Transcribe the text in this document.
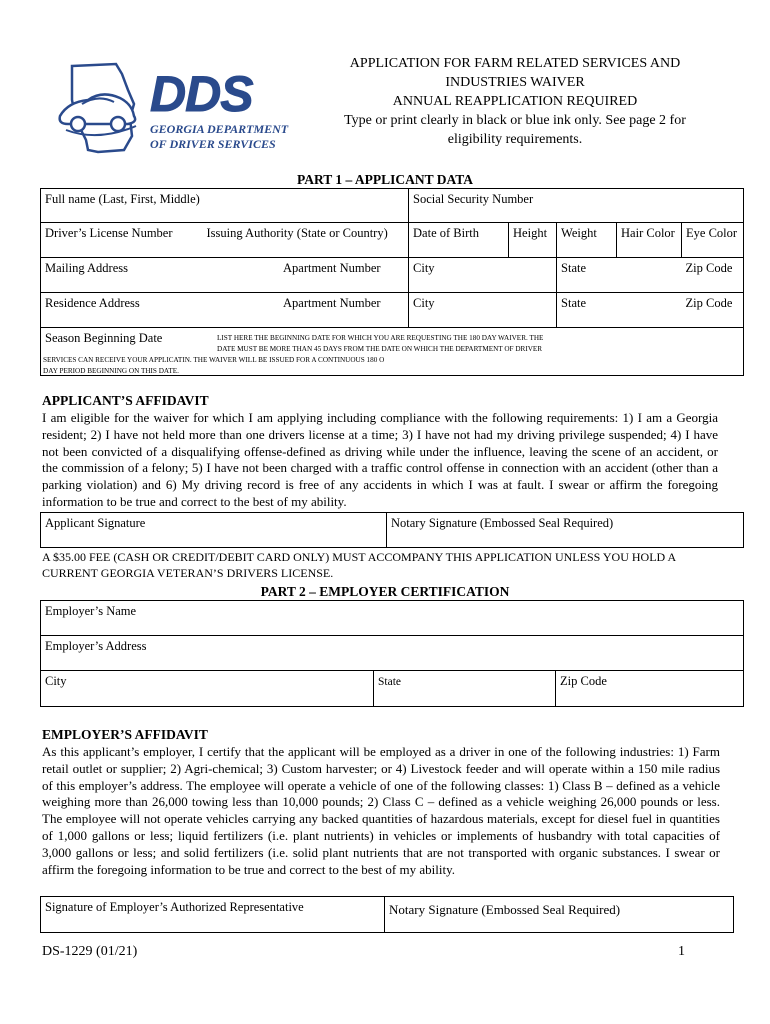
DDS
GEORGIA DEPARTMENT
OF DRIVER SERVICES
APPLICATION FOR FARM RELATED SERVICES AND
INDUSTRIES WAIVER
ANNUAL REAPPLICATION REQUIRED
Type or print clearly in black or blue ink only. See page 2 for
eligibility requirements.
PART 1 – APPLICANT DATA
Full name (Last, First, Middle)		Social Security Number				
Driver’s License Number	Issuing Authority (State or Country)	Date of Birth	Height	Weight	Hair Color	Eye Color
Mailing Address Apartment Number		City		State		Zip Code
Residence Address Apartment Number		City		State		Zip Code

Season Beginning Date LIST HERE THE BEGINNING DATE FOR WHICH YOU ARE REQUESTING THE 180 DAY WAIVER. THE
DATE MUST BE MORE THAN 45 DAYS FROM THE DATE ON WHICH THE DEPARTMENT OF DRIVER
SERVICES CAN RECEIVE YOUR APPLICATIN. THE WAIVER WILL BE ISSUED FOR A CONTINUOUS 180 O
DAY PERIOD BEGINNING ON THIS DATE.						
APPLICANT’S AFFIDAVIT
I am eligible for the waiver for which I am applying including compliance with the following requirements: 1) I am a Georgia resident; 2) I have not held more than one drivers license at a time; 3) I have not had my driving privilege suspended; 4) I have not been convicted of a disqualifying offense-defined as driving while under the influence, leaving the scene of an accident, or the commission of a felony; 5) I have not been charged with a traffic control offense in connection with an accident (other than a parking violation) and 6) My driving record is free of any accidents in which I was at fault. I swear or affirm the foregoing information to be true and correct to the best of my ability.
Applicant Signature	Notary Signature (Embossed Seal Required)
A $35.00 FEE (CASH OR CREDIT/DEBIT CARD ONLY) MUST ACCOMPANY THIS APPLICATION UNLESS YOU HOLD A
CURRENT GEORGIA VETERAN’S DRIVERS LICENSE.
PART 2 – EMPLOYER CERTIFICATION
Employer’s Name
Employer’s Address
City	State	Zip Code
EMPLOYER’S AFFIDAVIT
As this applicant’s employer, I certify that the applicant will be employed as a driver in one of the following industries: 1) Farm retail outlet or supplier; 2) Agri-chemical; 3) Custom harvester; or 4) Livestock feeder and will operate within a 150 mile radius of this employer’s address. The employee will operate a vehicle of one of the following classes: 1) Class B – defined as a vehicle weighing more than 26,000 towing less than 10,000 pounds; 2) Class C – defined as a vehicle weighing 26,000 pounds or less. The employee will not operate vehicles carrying any backed quantities of hazardous materials, except for diesel fuel in quantities of 1,000 gallons or less; liquid fertilizers (i.e. plant nutrients) in vehicles or implements of husbandry with total capacities of 3,000 gallons or less; and solid fertilizers (i.e. solid plant nutrients that are not transported with organic substances. I swear or affirm the foregoing information to be true and correct to the best of my ability.
Signature of Employer’s Authorized Representative	Notary Signature (Embossed Seal Required)
DS-1229 (01/21)	1
